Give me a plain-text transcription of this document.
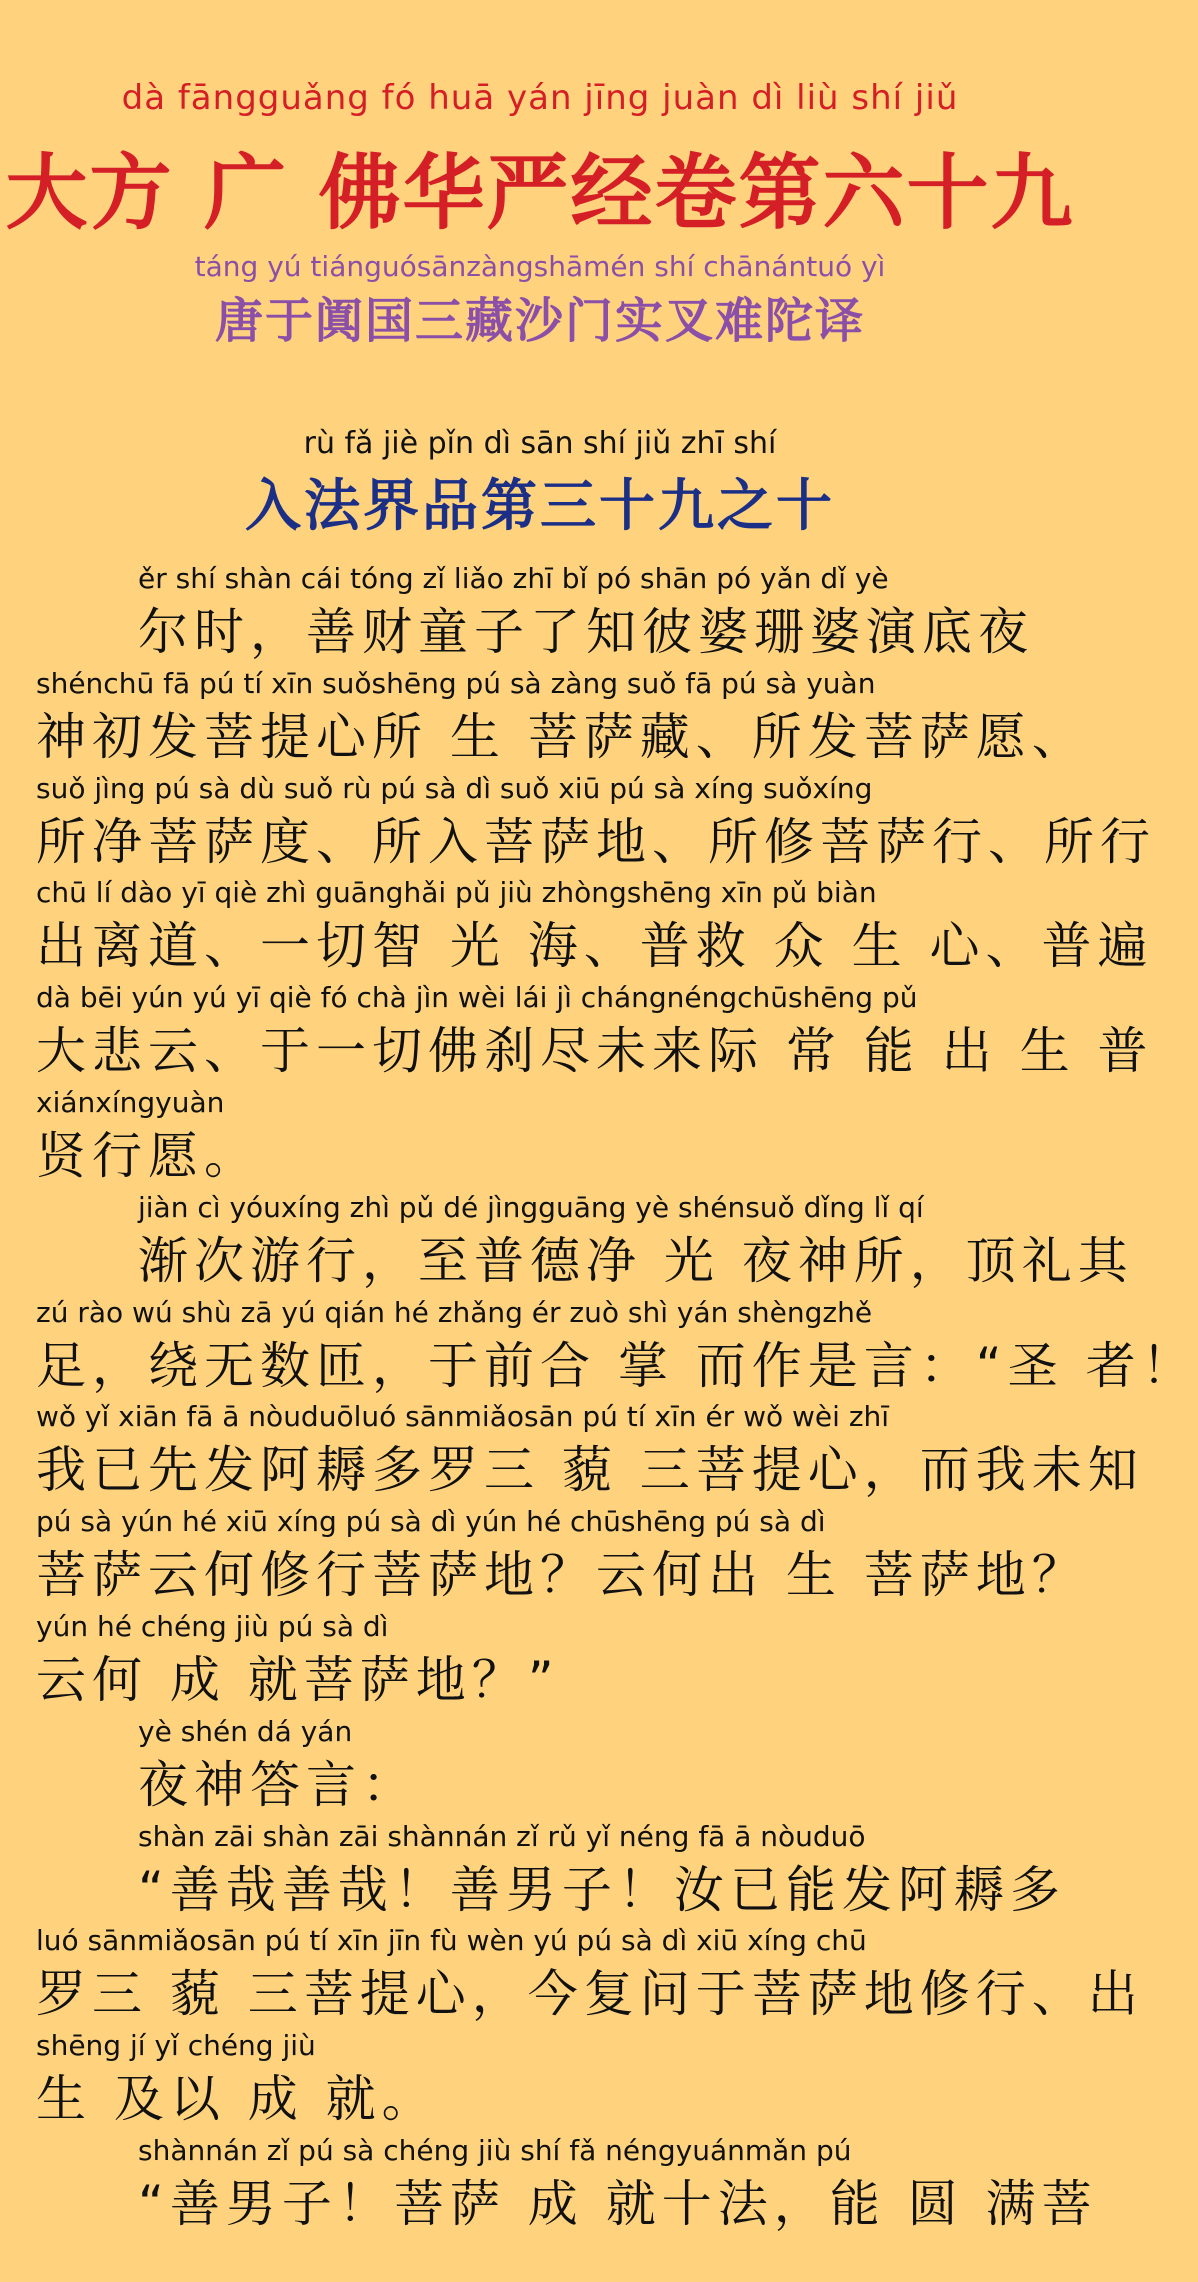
dà fāngguǎng fó huā yán jīng juàn dì liù shí jiǔ
大方 广 佛华严经卷第六十九
táng yú tiánguósānzàngshāmén shí chānántuó yì
唐于阗国三藏沙门实叉难陀译
rù fǎ jiè pǐn dì sān shí jiǔ zhī shí
入法界品第三十九之十
ěr shí shàn cái tóng zǐ liǎo zhī bǐ pó shān pó yǎn dǐ yè
尔时，善财童子了知彼婆珊婆演底夜
shénchū fā pú tí xīn suǒshēng pú sà zàng suǒ fā pú sà yuàn
神初发菩提心所 生 菩萨藏、所发菩萨愿、
suǒ jìng pú sà dù suǒ rù pú sà dì suǒ xiū pú sà xíng suǒxíng
所净菩萨度、所入菩萨地、所修菩萨行、所行
chū lí dào yī qiè zhì guānghǎi pǔ jiù zhòngshēng xīn pǔ biàn
出离道、一切智 光 海、普救 众 生 心、普遍
dà bēi yún yú yī qiè fó chà jìn wèi lái jì chángnéngchūshēng pǔ
大悲云、于一切佛刹尽未来际 常 能 出 生 普
xiánxíngyuàn
贤行愿。
jiàn cì yóuxíng zhì pǔ dé jìngguāng yè shénsuǒ dǐng lǐ qí
渐次游行，至普德净 光 夜神所，顶礼其
zú rào wú shù zā yú qián hé zhǎng ér zuò shì yán shèngzhě
足，绕无数匝，于前合 掌 而作是言：“圣 者！
wǒ yǐ xiān fā ā nòuduōluó sānmiǎosān pú tí xīn ér wǒ wèi zhī
我已先发阿耨多罗三 藐 三菩提心，而我未知
pú sà yún hé xiū xíng pú sà dì yún hé chūshēng pú sà dì
菩萨云何修行菩萨地？云何出 生 菩萨地？
yún hé chéng jiù pú sà dì
云何 成 就菩萨地？”
yè shén dá yán
夜神答言：
shàn zāi shàn zāi shànnán zǐ rǔ yǐ néng fā ā nòuduō
“善哉善哉！善男子！汝已能发阿耨多
luó sānmiǎosān pú tí xīn jīn fù wèn yú pú sà dì xiū xíng chū
罗三 藐 三菩提心，今复问于菩萨地修行、出
shēng jí yǐ chéng jiù
生 及以 成 就。
shànnán zǐ pú sà chéng jiù shí fǎ néngyuánmǎn pú
“善男子！菩萨 成 就十法，能 圆 满菩
